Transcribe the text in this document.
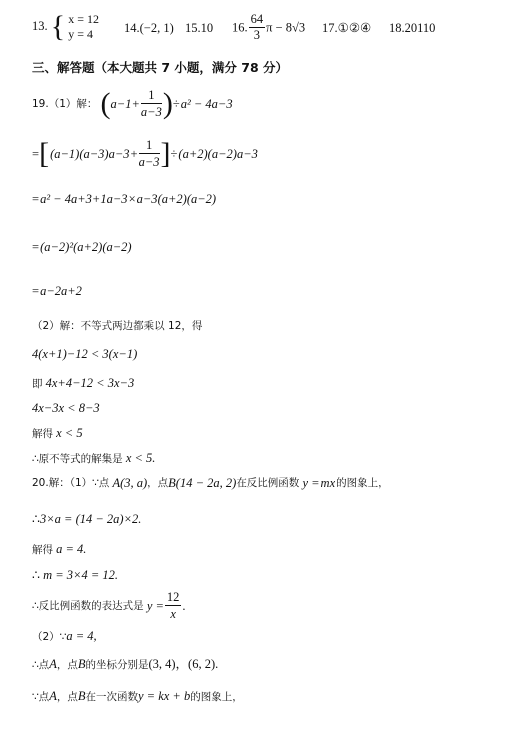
13. { x = 12
y = 4	14.(−2, 1) 15.10 16. $\frac{64}{3}$ π − 8√3 17.①②④ 18.20110
三、解答题（本大题共 7 小题，满分 78 分）
19.（1）解： $(a-1+ \frac{1}{a-3})\div a^2 - 4a-3$
$=[(a-1)(a-3)a-3+ \frac{1}{a-3}]\div(a+2)(a-2)a-3$
=a² − 4a+3+1a−3×a−3(a+2)(a−2)
=(a−2)²(a+2)(a−2)
=a−2a+2
（2）解：不等式两边都乘以 12，得
4(x+1)−12 < 3(x−1)
即 4x+4−12 < 3x−3
4x−3x < 8−3
解得 x < 5
∴原不等式的解集是 x < 5.
20.解：（1）∵点 A(3, a)，点B(14 − 2a, 2)在反比例函数 y =mx的图象上，
∴3×a = (14 − 2a)×2.
解得 a = 4.
∴ m = 3×4 = 12.
∴反比例函数的表达式是 $y = \frac{12}{x}$.
（2）∵a = 4,
∴点A，点B的坐标分别是(3, 4)，(6, 2).
∵点A，点B在一次函数y = kx + b的图象上，
